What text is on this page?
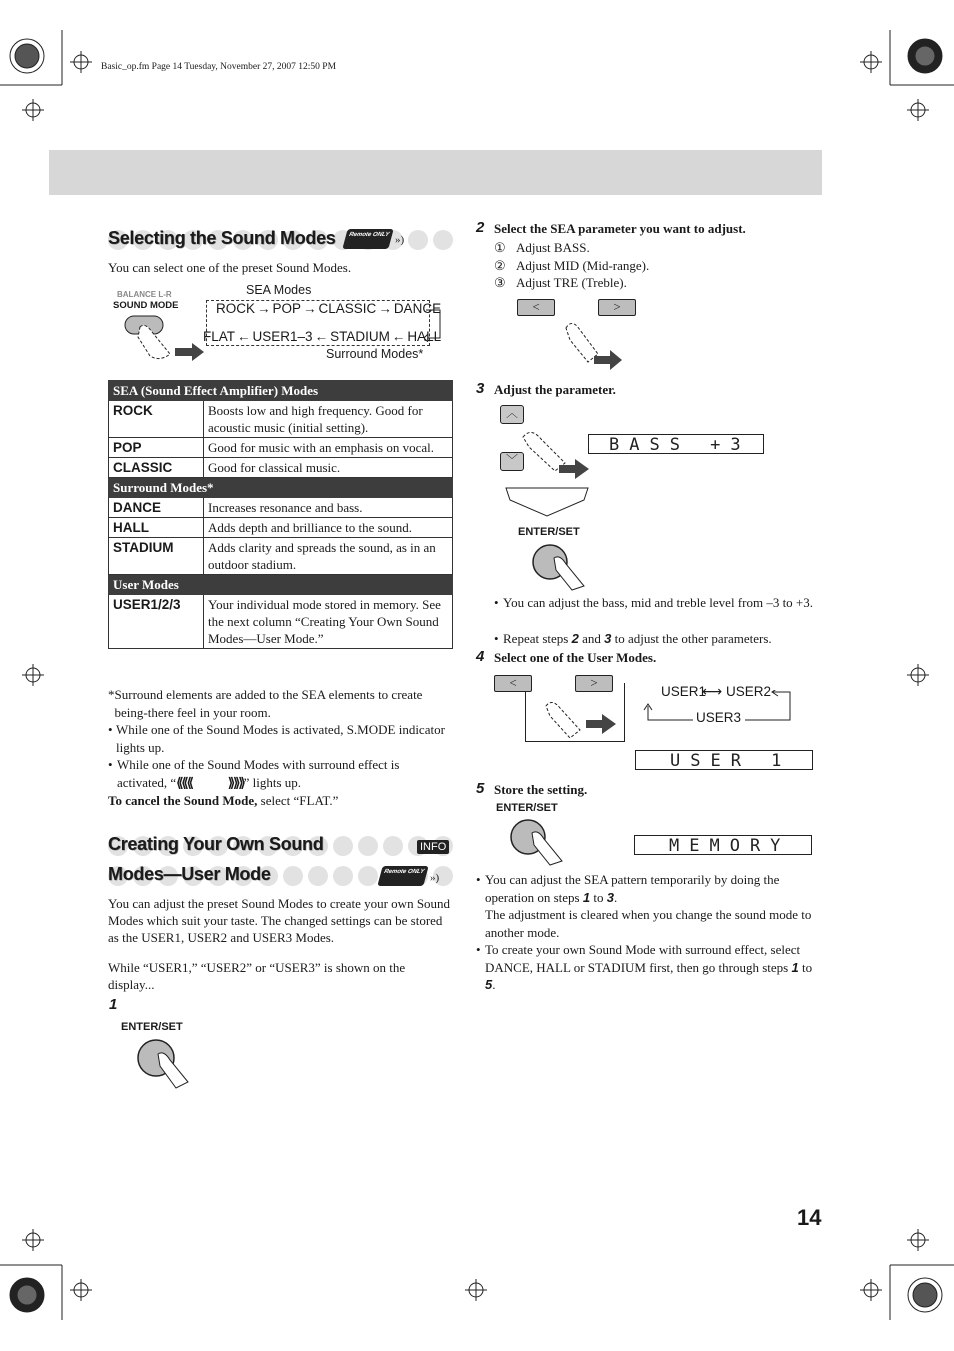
Basic_op.fm Page 14 Tuesday, November 27, 2007 12:50 PM
Selecting the Sound Modes	Remote ONLY »)
You can select one of the preset Sound Modes.
BALANCE L-R
SOUND MODE
SEA Modes
ROCK → POP → CLASSIC → DANCE
FLAT ← USER1–3 ← STADIUM ← HALL
Surround Modes*
SEA (Sound Effect Amplifier) Modes	
ROCK	Boosts low and high frequency. Good for acoustic music (initial setting).
POP	Good for music with an emphasis on vocal.
CLASSIC	Good for classical music.
Surround Modes*	
DANCE	Increases resonance and bass.
HALL	Adds depth and brilliance to the sound.
STADIUM	Adds clarity and spreads the sound, as in an outdoor stadium.
User Modes	
USER1/2/3	Your individual mode stored in memory. See the next column “Creating Your Own Sound Modes—User Mode.”
* Surround elements are added to the SEA elements to create being-there feel in your room.
• While one of the Sound Modes is activated, S.MODE indicator lights up.
• While one of the Sound Modes with surround effect is
activated, “⟪⟪⟪	⟫⟫⟫” lights up.
To cancel the Sound Mode, select “FLAT.”
Creating Your Own Sound	INFO
Modes—User Mode	Remote ONLY »)
You can adjust the preset Sound Modes to create your own Sound Modes which suit your taste. The changed settings can be stored as the USER1, USER2 and USER3 Modes.
While “USER1,” “USER2” or “USER3” is shown on the display...
1
ENTER/SET
2 Select the SEA parameter you want to adjust.
① Adjust BASS.
② Adjust MID (Mid-range).
③ Adjust TRE (Treble).
<	>
3 Adjust the parameter.
︿
﹀
BASS +3
ENTER/SET
• You can adjust the bass, mid and treble level from –3 to +3.
• Repeat steps 2 and 3 to adjust the other parameters.
4 Select one of the User Modes.
<	>
USER1
⟷ USER2
USER3
USER 1
5 Store the setting.
ENTER/SET
MEMORY
• You can adjust the SEA pattern temporarily by doing the operation on steps 1 to 3.
The adjustment is cleared when you change the sound mode to another mode.
• To create your own Sound Mode with surround effect, select DANCE, HALL or STADIUM first, then go through steps 1 to 5.
14
